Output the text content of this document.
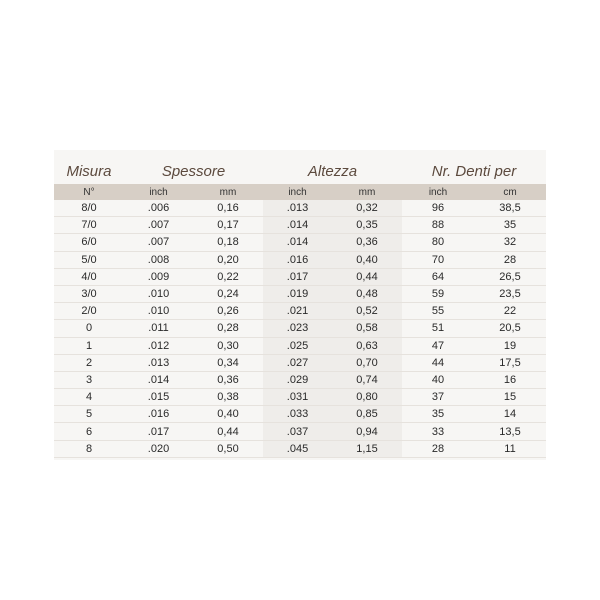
Misura	Spessore	Altezza	Nr. Denti per
N°	inch	mm	inch	mm	inch	cm
8/0	.006	0,16	.013	0,32	96	38,5
7/0	.007	0,17	.014	0,35	88	35
6/0	.007	0,18	.014	0,36	80	32
5/0	.008	0,20	.016	0,40	70	28
4/0	.009	0,22	.017	0,44	64	26,5
3/0	.010	0,24	.019	0,48	59	23,5
2/0	.010	0,26	.021	0,52	55	22
0	.011	0,28	.023	0,58	51	20,5
1	.012	0,30	.025	0,63	47	19
2	.013	0,34	.027	0,70	44	17,5
3	.014	0,36	.029	0,74	40	16
4	.015	0,38	.031	0,80	37	15
5	.016	0,40	.033	0,85	35	14
6	.017	0,44	.037	0,94	33	13,5
8	.020	0,50	.045	1,15	28	11
